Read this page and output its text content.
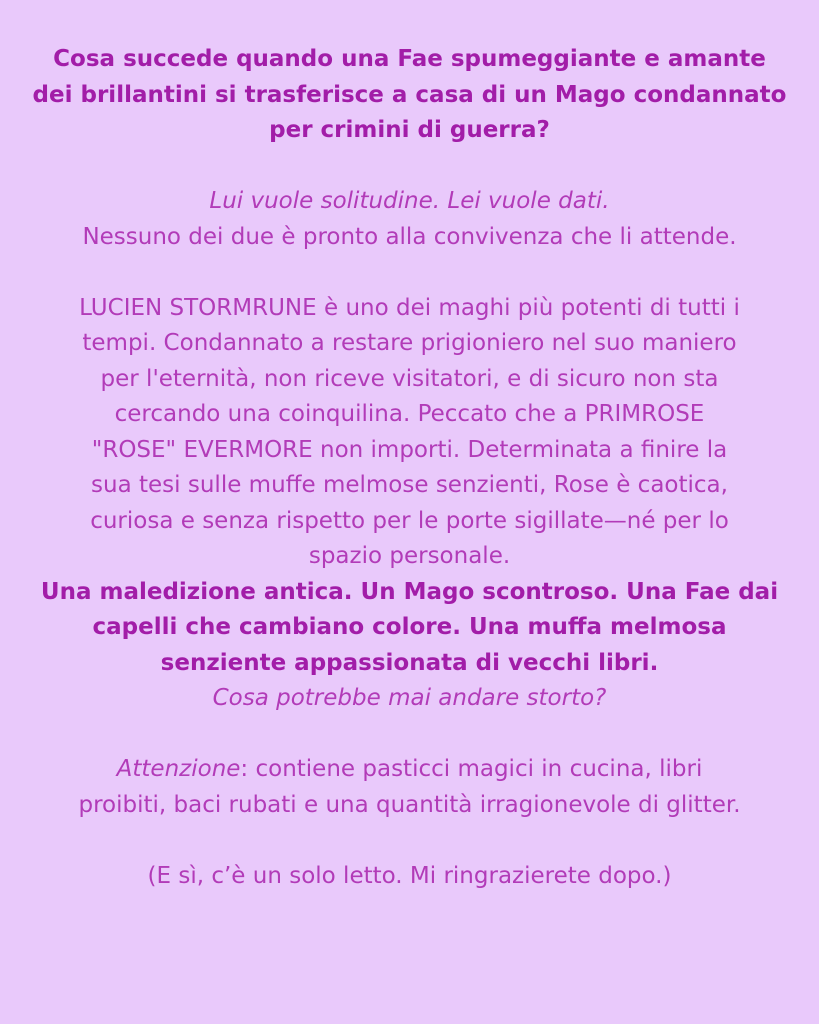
Cosa succede quando una Fae spumeggiante e amante
dei brillantini si trasferisce a casa di un Mago condannato
per crimini di guerra?
Lui vuole solitudine. Lei vuole dati.
Nessuno dei due è pronto alla convivenza che li attende.
LUCIEN STORMRUNE è uno dei maghi più potenti di tutti i
tempi. Condannato a restare prigioniero nel suo maniero
per l'eternità, non riceve visitatori, e di sicuro non sta
cercando una coinquilina. Peccato che a PRIMROSE
"ROSE" EVERMORE non importi. Determinata a finire la
sua tesi sulle muffe melmose senzienti, Rose è caotica,
curiosa e senza rispetto per le porte sigillate—né per lo
spazio personale.
Una maledizione antica. Un Mago scontroso. Una Fae dai
capelli che cambiano colore. Una muffa melmosa
senziente appassionata di vecchi libri.
Cosa potrebbe mai andare storto?
Attenzione: contiene pasticci magici in cucina, libri
proibiti, baci rubati e una quantità irragionevole di glitter.
(E sì, c’è un solo letto. Mi ringrazierete dopo.)
